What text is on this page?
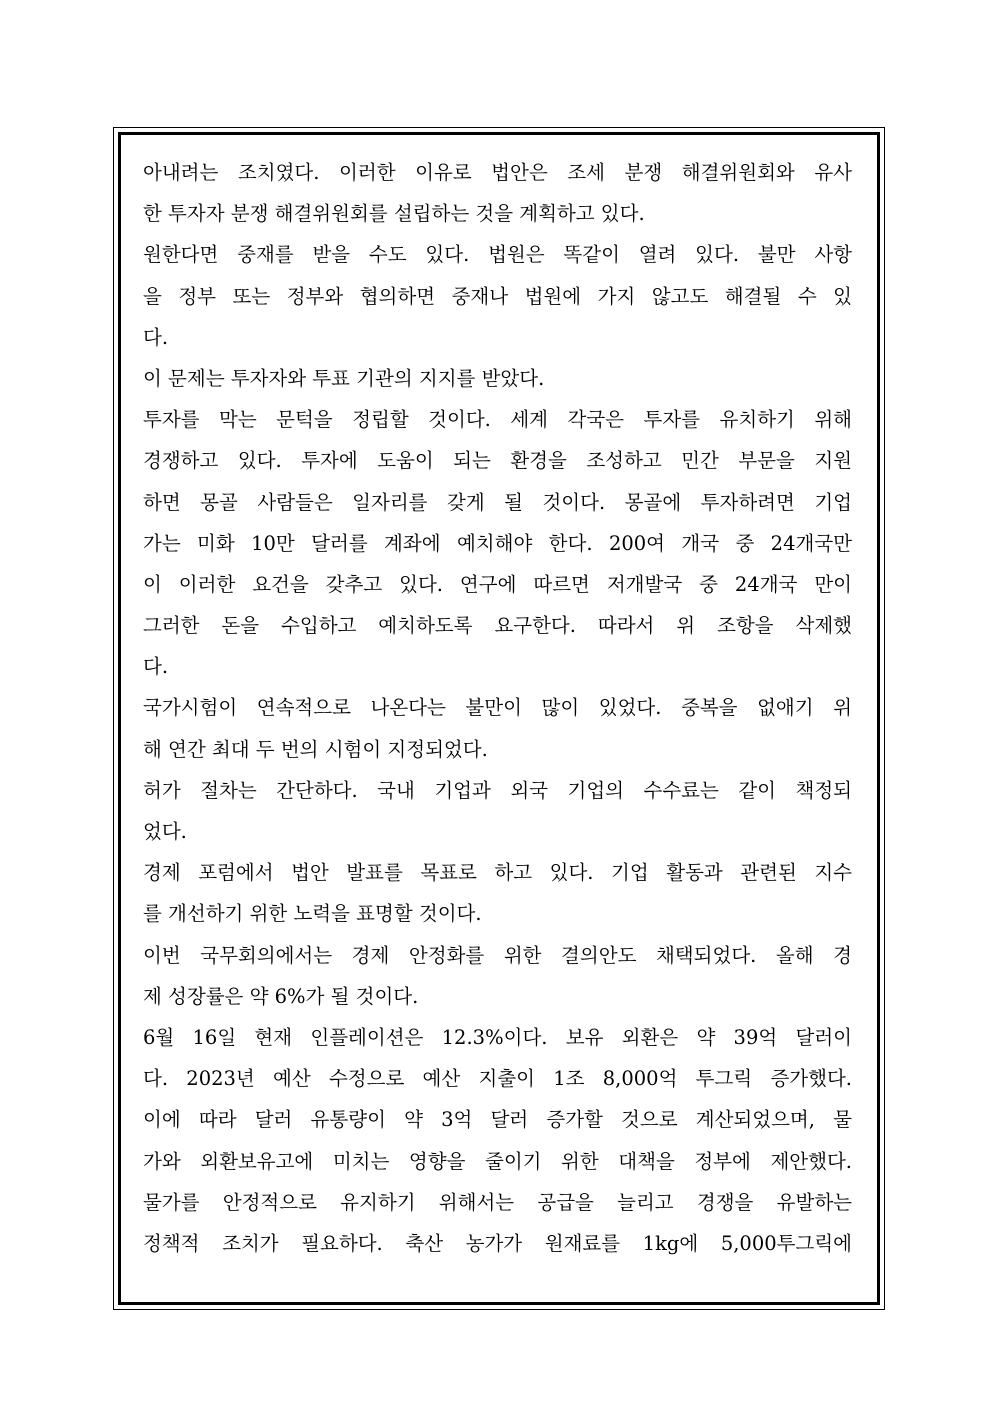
아내려는 조치였다. 이러한 이유로 법안은 조세 분쟁 해결위원회와 유사
한 투자자 분쟁 해결위원회를 설립하는 것을 계획하고 있다.
원한다면 중재를 받을 수도 있다. 법원은 똑같이 열려 있다. 불만 사항
을 정부 또는 정부와 협의하면 중재나 법원에 가지 않고도 해결될 수 있
다.
이 문제는 투자자와 투표 기관의 지지를 받았다.
투자를 막는 문턱을 정립할 것이다. 세계 각국은 투자를 유치하기 위해
경쟁하고 있다. 투자에 도움이 되는 환경을 조성하고 민간 부문을 지원
하면 몽골 사람들은 일자리를 갖게 될 것이다. 몽골에 투자하려면 기업
가는 미화 10만 달러를 계좌에 예치해야 한다. 200여 개국 중 24개국만
이 이러한 요건을 갖추고 있다. 연구에 따르면 저개발국 중 24개국 만이
그러한 돈을 수입하고 예치하도록 요구한다. 따라서 위 조항을 삭제했
다.
국가시험이 연속적으로 나온다는 불만이 많이 있었다. 중복을 없애기 위
해 연간 최대 두 번의 시험이 지정되었다.
허가 절차는 간단하다. 국내 기업과 외국 기업의 수수료는 같이 책정되
었다.
경제 포럼에서 법안 발표를 목표로 하고 있다. 기업 활동과 관련된 지수
를 개선하기 위한 노력을 표명할 것이다.
이번 국무회의에서는 경제 안정화를 위한 결의안도 채택되었다. 올해 경
제 성장률은 약 6%가 될 것이다.
6월 16일 현재 인플레이션은 12.3%이다. 보유 외환은 약 39억 달러이
다. 2023년 예산 수정으로 예산 지출이 1조 8,000억 투그릭 증가했다.
이에 따라 달러 유통량이 약 3억 달러 증가할 것으로 계산되었으며, 물
가와 외환보유고에 미치는 영향을 줄이기 위한 대책을 정부에 제안했다.
물가를 안정적으로 유지하기 위해서는 공급을 늘리고 경쟁을 유발하는
정책적 조치가 필요하다. 축산 농가가 원재료를 1kg에 5,000투그릭에
